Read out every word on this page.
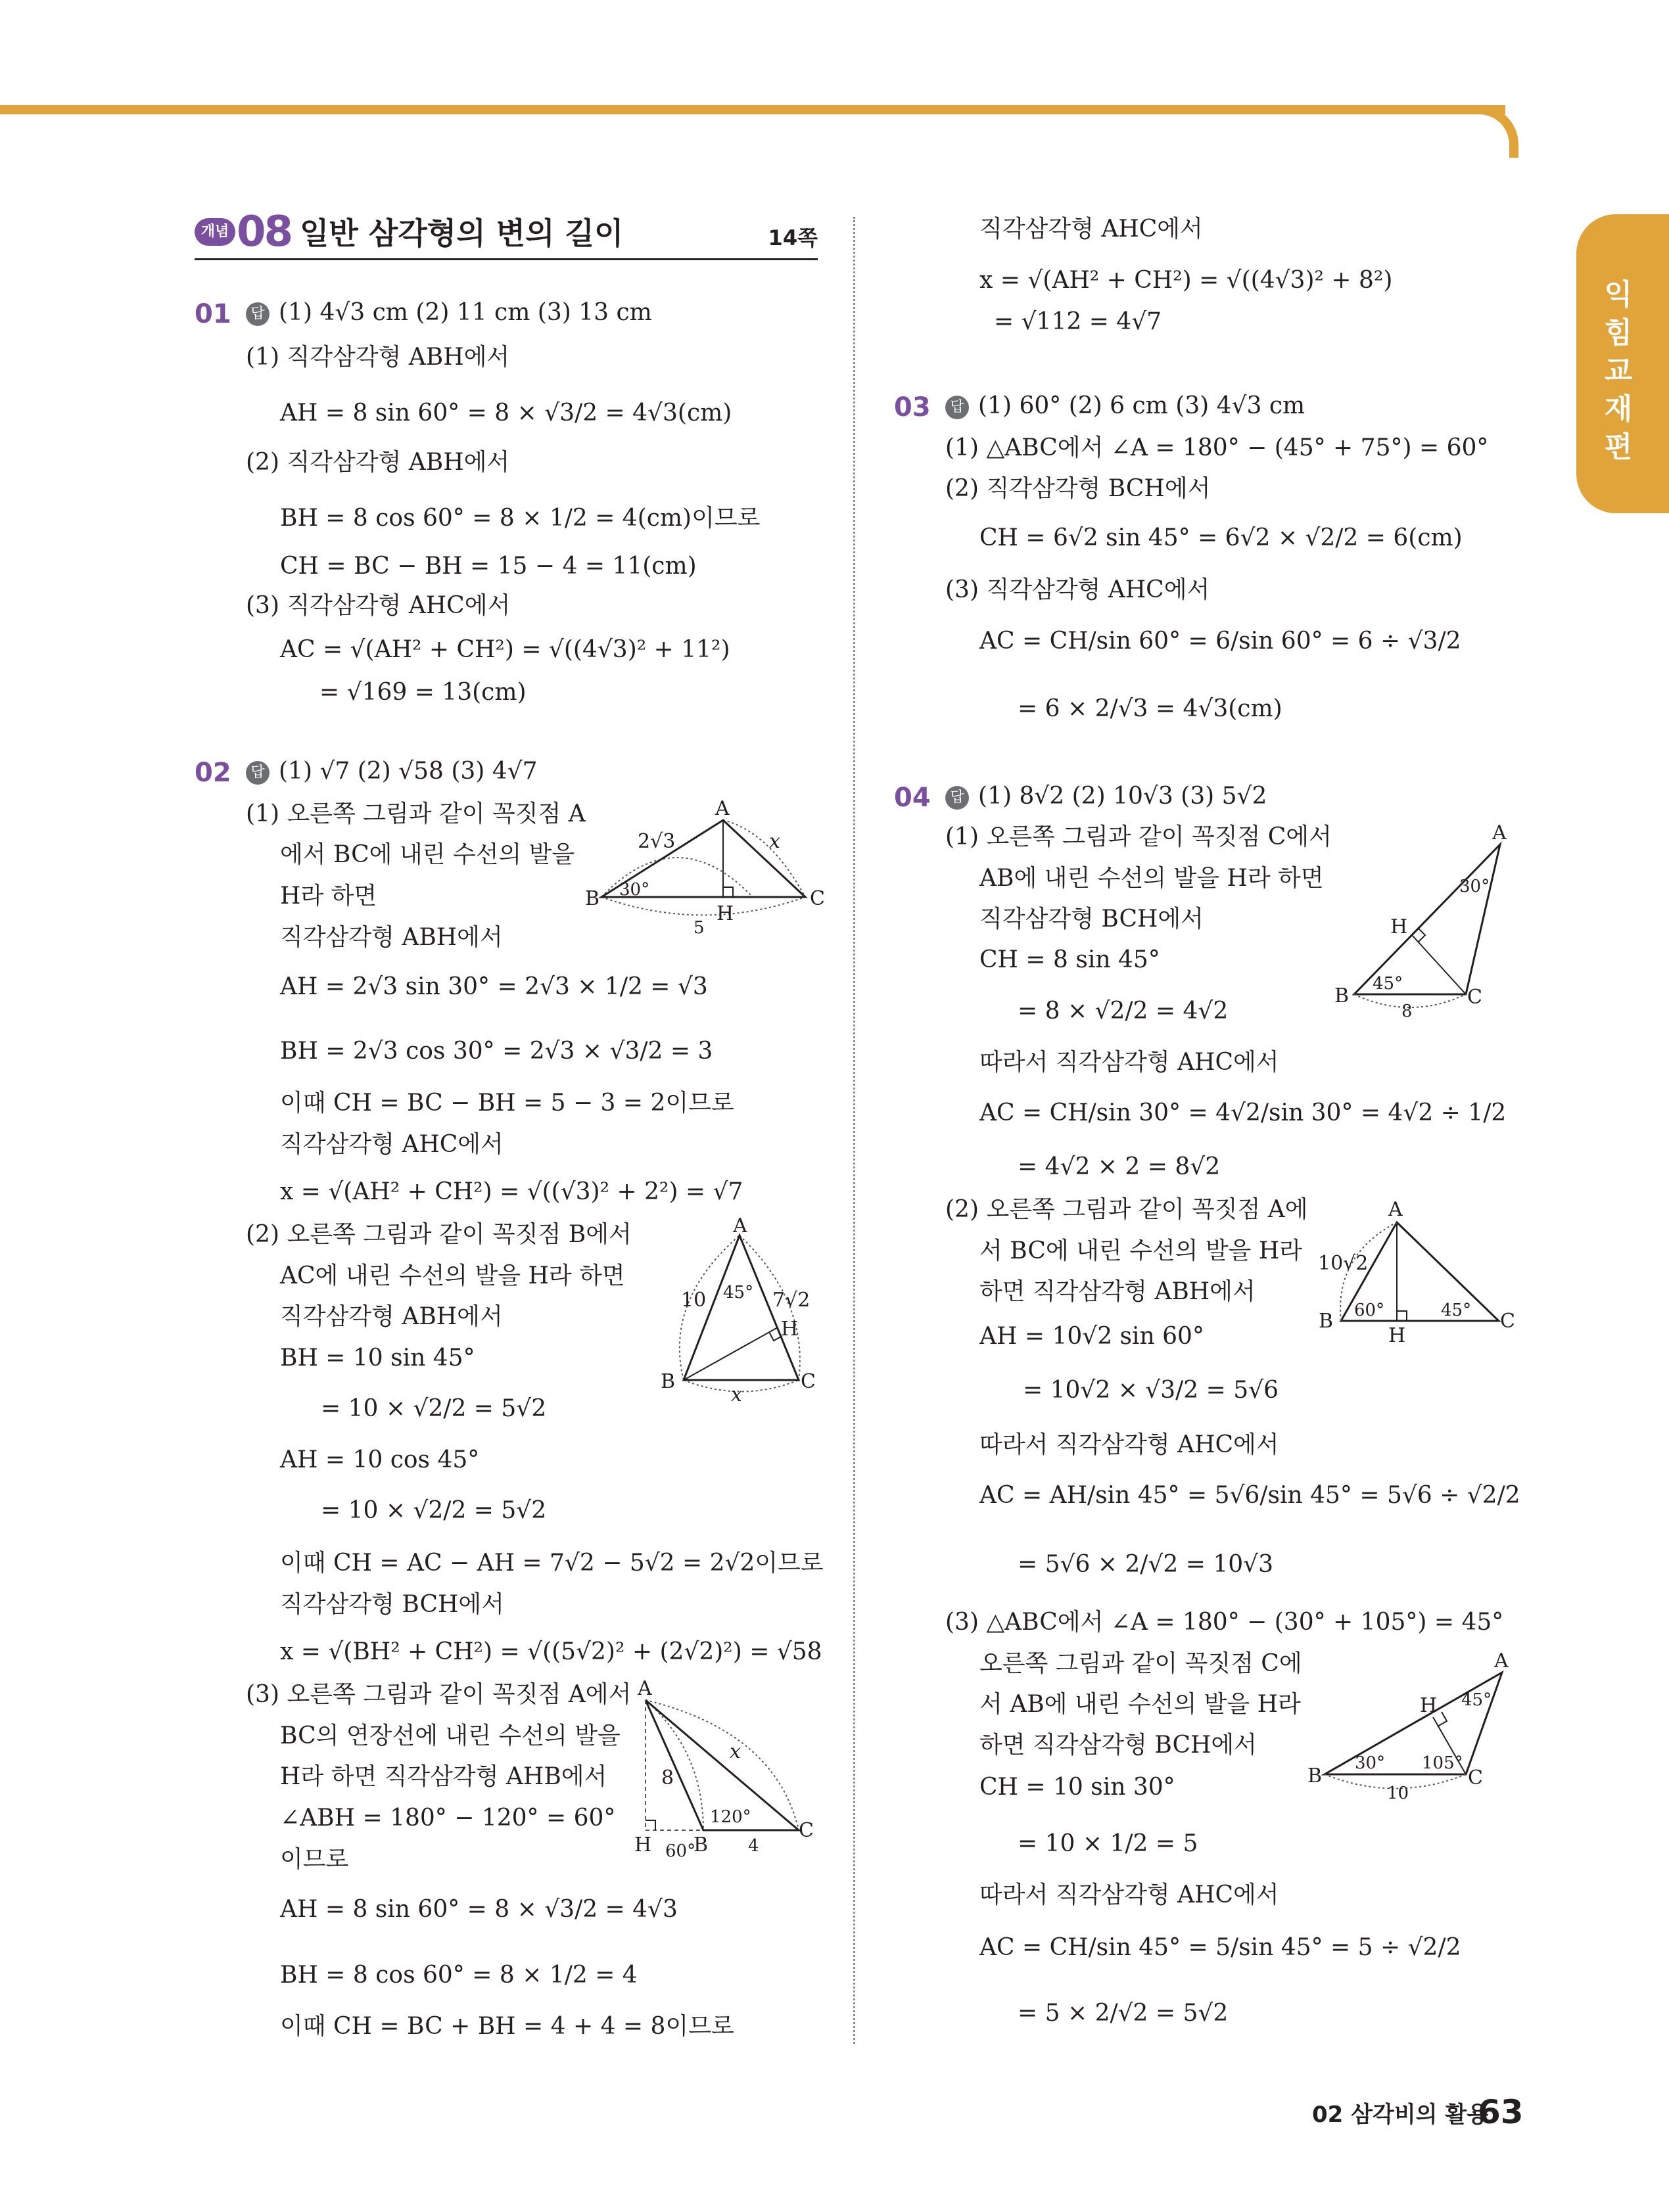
익힘교재편
개념 08 일반 삼각형의 변의 길이	14쪽
01	답 (1) 4√3 cm (2) 11 cm (3) 13 cm
(1) 직각삼각형 ABH에서
AH = 8 sin 60° = 8 × √3/2 = 4√3(cm)
(2) 직각삼각형 ABH에서
BH = 8 cos 60° = 8 × 1/2 = 4(cm)이므로
CH = BC − BH = 15 − 4 = 11(cm)
(3) 직각삼각형 AHC에서
AC = √(AH² + CH²) = √((4√3)² + 11²)
= √169 = 13(cm)
02	답 (1) √7 (2) √58 (3) 4√7
(1) 오른쪽 그림과 같이 꼭짓점 A
에서 BC에 내린 수선의 발을
H라 하면
직각삼각형 ABH에서
AH = 2√3 sin 30° = 2√3 × 1/2 = √3
BH = 2√3 cos 30° = 2√3 × √3/2 = 3
이때 CH = BC − BH = 5 − 3 = 2이므로
직각삼각형 AHC에서
x = √(AH² + CH²) = √((√3)² + 2²) = √7
(2) 오른쪽 그림과 같이 꼭짓점 B에서
AC에 내린 수선의 발을 H라 하면
직각삼각형 ABH에서
BH = 10 sin 45°
= 10 × √2/2 = 5√2
AH = 10 cos 45°
= 10 × √2/2 = 5√2
이때 CH = AC − AH = 7√2 − 5√2 = 2√2이므로
직각삼각형 BCH에서
x = √(BH² + CH²) = √((5√2)² + (2√2)²) = √58
(3) 오른쪽 그림과 같이 꼭짓점 A에서
BC의 연장선에 내린 수선의 발을
H라 하면 직각삼각형 AHB에서
∠ABH = 180° − 120° = 60°
이므로
AH = 8 sin 60° = 8 × √3/2 = 4√3
BH = 8 cos 60° = 8 × 1/2 = 4
이때 CH = BC + BH = 4 + 4 = 8이므로
직각삼각형 AHC에서
x = √(AH² + CH²) = √((4√3)² + 8²)
= √112 = 4√7
03	답 (1) 60° (2) 6 cm (3) 4√3 cm
(1) △ABC에서 ∠A = 180° − (45° + 75°) = 60°
(2) 직각삼각형 BCH에서
CH = 6√2 sin 45° = 6√2 × √2/2 = 6(cm)
(3) 직각삼각형 AHC에서
AC = CH/sin 60° = 6/sin 60° = 6 ÷ √3/2
= 6 × 2/√3 = 4√3(cm)
04	답 (1) 8√2 (2) 10√3 (3) 5√2
(1) 오른쪽 그림과 같이 꼭짓점 C에서
AB에 내린 수선의 발을 H라 하면
직각삼각형 BCH에서
CH = 8 sin 45°
= 8 × √2/2 = 4√2
따라서 직각삼각형 AHC에서
AC = CH/sin 30° = 4√2/sin 30° = 4√2 ÷ 1/2
= 4√2 × 2 = 8√2
(2) 오른쪽 그림과 같이 꼭짓점 A에
서 BC에 내린 수선의 발을 H라
하면 직각삼각형 ABH에서
AH = 10√2 sin 60°
= 10√2 × √3/2 = 5√6
따라서 직각삼각형 AHC에서
AC = AH/sin 45° = 5√6/sin 45° = 5√6 ÷ √2/2
= 5√6 × 2/√2 = 10√3
(3) △ABC에서 ∠A = 180° − (30° + 105°) = 45°
오른쪽 그림과 같이 꼭짓점 C에
서 AB에 내린 수선의 발을 H라
하면 직각삼각형 BCH에서
CH = 10 sin 30°
= 10 × 1/2 = 5
따라서 직각삼각형 AHC에서
AC = CH/sin 45° = 5/sin 45° = 5 ÷ √2/2
= 5 × 2/√2 = 5√2
A
B	C
H
2√3	x
30°
5
A
B	C
H
10	7√2
45°
x
A
B
C
H
8
x
120°
60°	4
A
B	C
H
30°
45°
8
A
B	C
H
10√2
60°	45°
A
B	C
H 45°
30° 105°
10
02 삼각비의 활용
63
